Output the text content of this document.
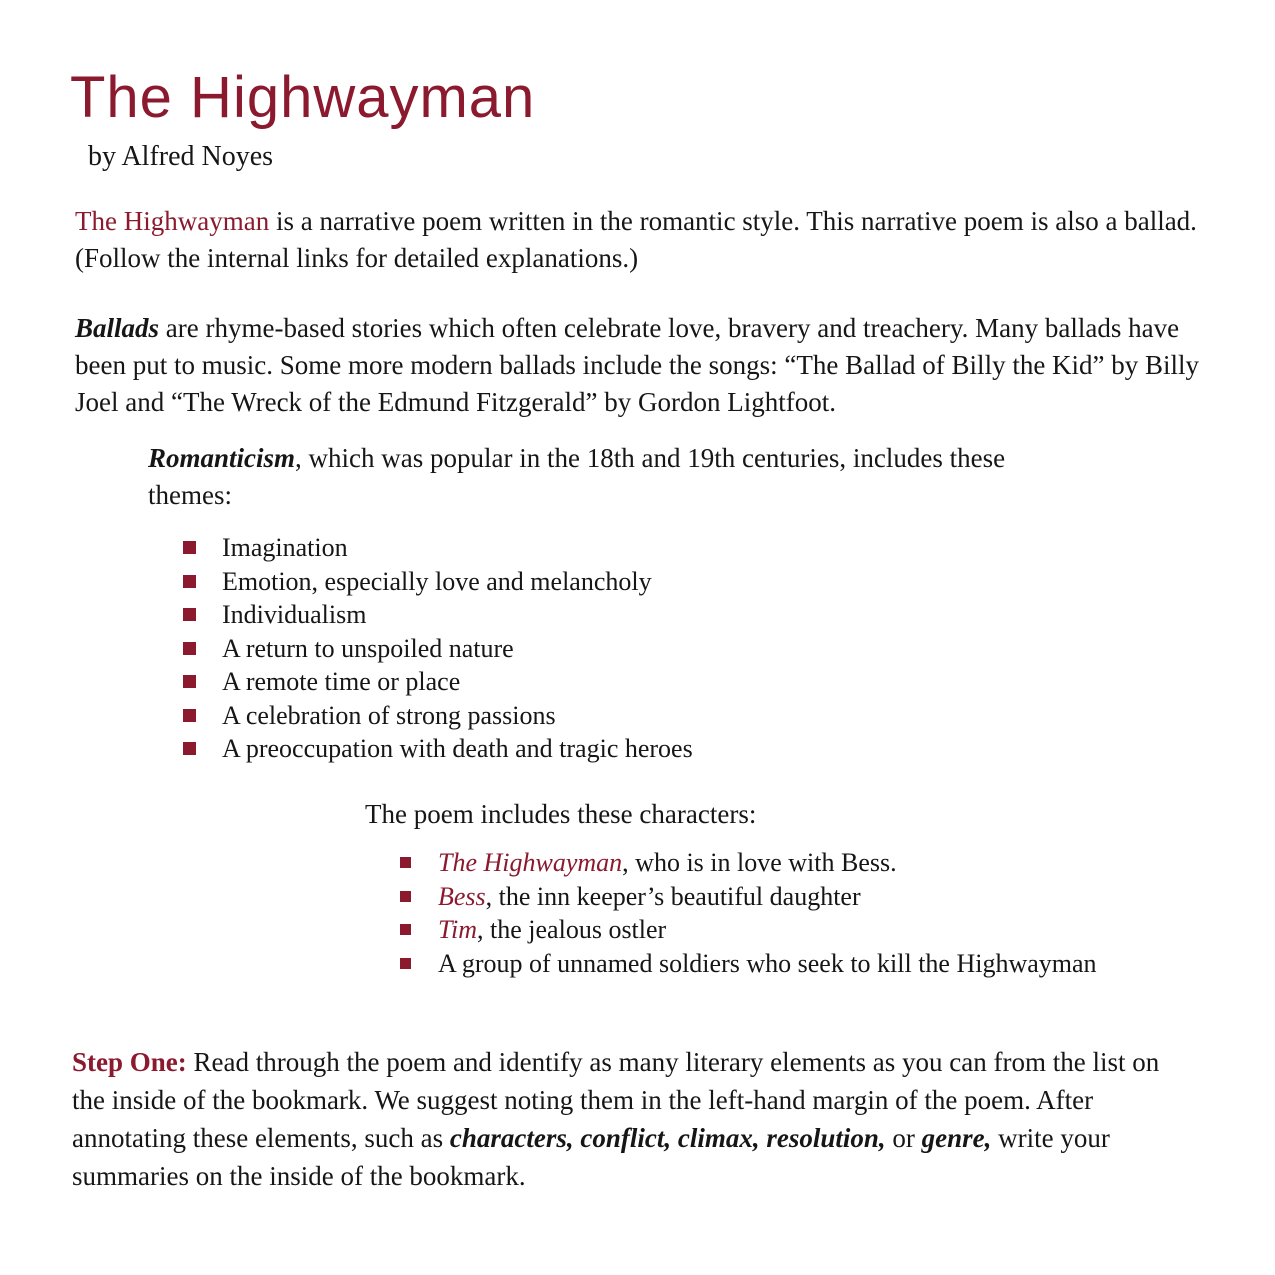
The Highwayman
by Alfred Noyes

The Highwayman is a narrative poem written in the romantic style. This narrative poem is also a ballad. (Follow the internal links for detailed explanations.)

Ballads are rhyme-based stories which often celebrate love, bravery and treachery. Many ballads have been put to music. Some more modern ballads include the songs: “The Ballad of Billy the Kid” by Billy Joel and “The Wreck of the Edmund Fitzgerald” by Gordon Lightfoot.

Romanticism, which was popular in the 18th and 19th centuries, includes these themes:

Imagination
Emotion, especially love and melancholy
Individualism
A return to unspoiled nature
A remote time or place
A celebration of strong passions
A preoccupation with death and tragic heroes
The poem includes these characters:
The Highwayman, who is in love with Bess.
Bess, the inn keeper’s beautiful daughter
Tim, the jealous ostler
A group of unnamed soldiers who seek to kill the Highwayman

Step One: Read through the poem and identify as many literary elements as you can from the list on the inside of the bookmark. We suggest noting them in the left-hand margin of the poem. After annotating these elements, such as characters, conflict, climax, resolution, or genre, write your summaries on the inside of the bookmark.
